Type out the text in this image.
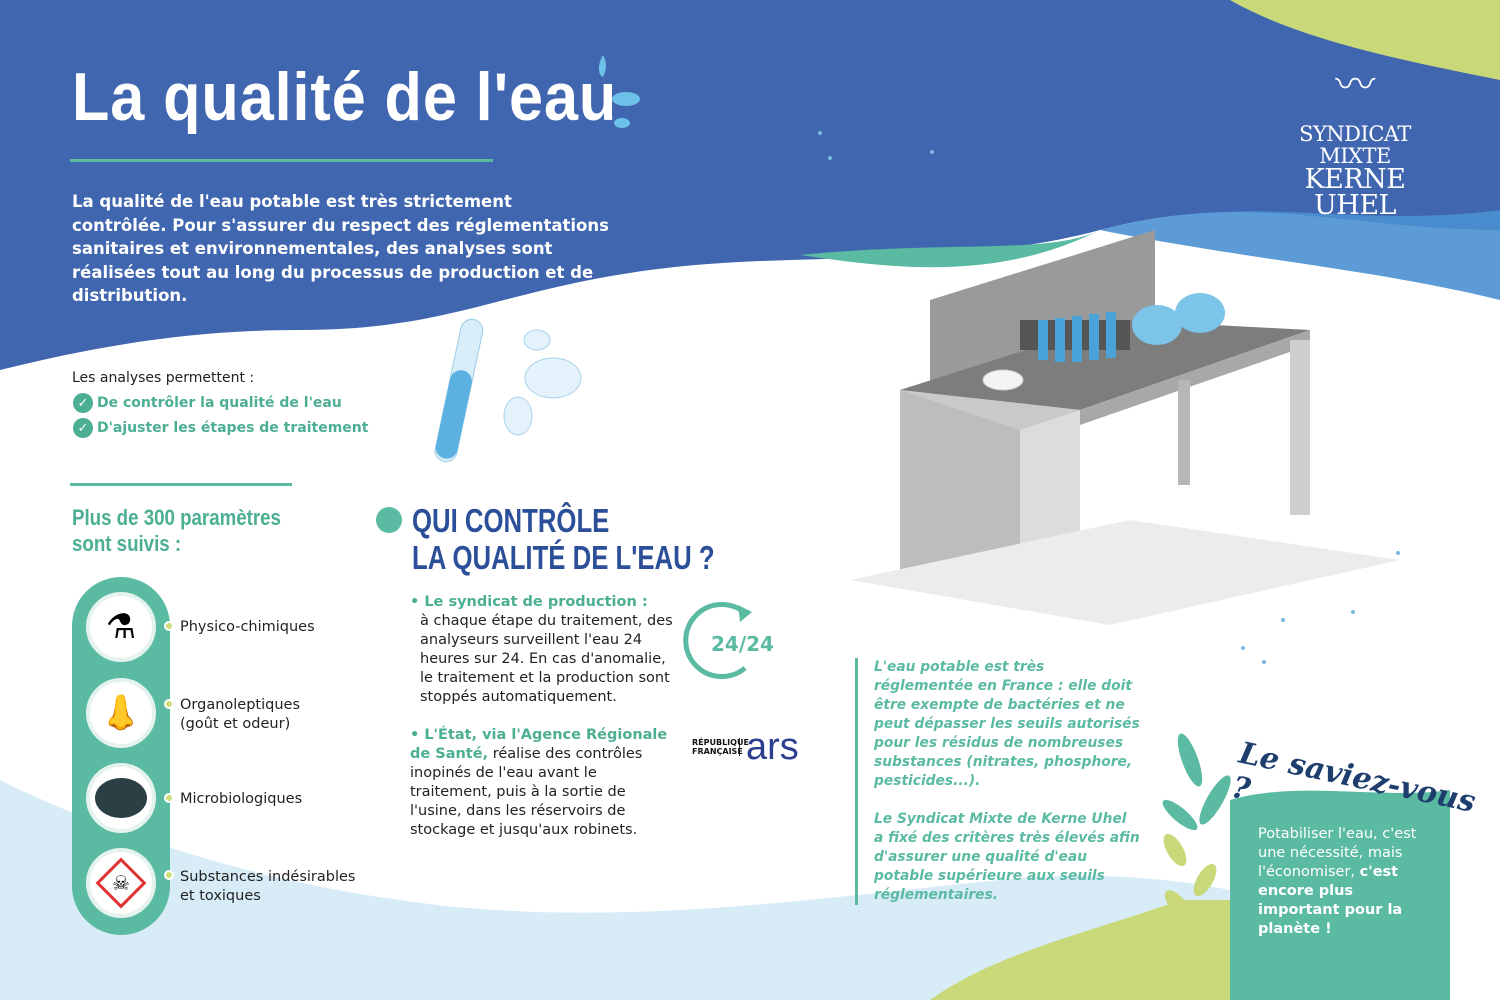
La qualité de l'eau
La qualité de l'eau potable est très strictement contrôlée. Pour s'assurer du respect des réglementations sanitaires et environnementales, des analyses sont réalisées tout au long du processus de production et de distribution.
〰
SYNDICAT MIXTE
KERNE UHEL
Les analyses permettent :
✓ De contrôler la qualité de l'eau
✓ D'ajuster les étapes de traitement
Plus de 300 paramètres
sont suivis :
⚗
👃
☠
Physico-chimiques
Organoleptiques
(goût et odeur)
Microbiologiques
Substances indésirables
et toxiques
QUI CONTRÔLE
LA QUALITÉ DE L'EAU ?
• Le syndicat de production :
à chaque étape du traitement, des analyseurs surveillent l'eau 24 heures sur 24. En cas d'anomalie, le traitement et la production sont stoppés automatiquement.
• L'État, via l'Agence Régionale de Santé, réalise des contrôles inopinés de l'eau avant le traitement, puis à la sortie de l'usine, dans les réservoirs de stockage et jusqu'aux robinets.
24/24
RÉPUBLIQUE FRANÇAISE ars
L'eau potable est très réglementée en France : elle doit être exempte de bactéries et ne peut dépasser les seuils autorisés pour les résidus de nombreuses substances (nitrates, phosphore, pesticides...).
Le Syndicat Mixte de Kerne Uhel a fixé des critères très élevés afin d'assurer une qualité d'eau potable supérieure aux seuils réglementaires.
Le saviez-vous ?
Potabiliser l'eau, c'est une nécessité, mais l'économiser, c'est encore plus important pour la planète !
